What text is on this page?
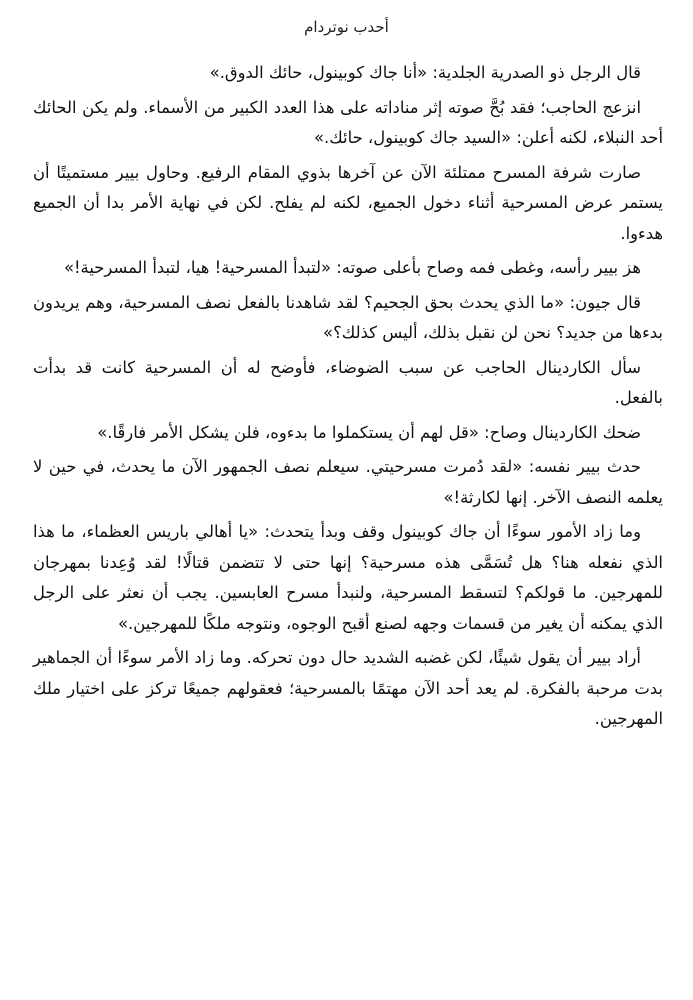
أحدب نوتردام

قال الرجل ذو الصدرية الجلدية: «أنا جاك كوبينول، حائك الدوق.»

انزعج الحاجب؛ فقد بُحَّ صوته إثر مناداته على هذا العدد الكبير من الأسماء. ولم يكن الحائك أحد النبلاء، لكنه أعلن: «السيد جاك كوبينول، حائك.»

صارت شرفة المسرح ممتلئة الآن عن آخرها بذوي المقام الرفيع. وحاول بيير مستميتًا أن يستمر عرض المسرحية أثناء دخول الجميع، لكنه لم يفلح. لكن في نهاية الأمر بدا أن الجميع هدءوا.

هز بيير رأسه، وغطى فمه وصاح بأعلى صوته: «لتبدأ المسرحية! هيا، لتبدأ المسرحية!»

قال جيون: «ما الذي يحدث بحق الجحيم؟ لقد شاهدنا بالفعل نصف المسرحية، وهم يريدون بدءها من جديد؟ نحن لن نقبل بذلك، أليس كذلك؟»

سأل الكاردينال الحاجب عن سبب الضوضاء، فأوضح له أن المسرحية كانت قد بدأت بالفعل.

ضحك الكاردينال وصاح: «قل لهم أن يستكملوا ما بدءوه، فلن يشكل الأمر فارقًا.»

حدث بيير نفسه: «لقد دُمرت مسرحيتي. سيعلم نصف الجمهور الآن ما يحدث، في حين لا يعلمه النصف الآخر. إنها لكارثة!»

وما زاد الأمور سوءًا أن جاك كوبينول وقف وبدأ يتحدث: «يا أهالي باريس العظماء، ما هذا الذي نفعله هنا؟ هل تُسَمَّى هذه مسرحية؟ إنها حتى لا تتضمن قتالًا! لقد وُعِدنا بمهرجان للمهرجين. ما قولكم؟ لتسقط المسرحية، ولنبدأ مسرح العابسين. يجب أن نعثر على الرجل الذي يمكنه أن يغير من قسمات وجهه لصنع أقبح الوجوه، ونتوجه ملكًا للمهرجين.»

أراد بيير أن يقول شيئًا، لكن غضبه الشديد حال دون تحركه. وما زاد الأمر سوءًا أن الجماهير بدت مرحبة بالفكرة. لم يعد أحد الآن مهتمًا بالمسرحية؛ فعقولهم جميعًا تركز على اختيار ملك المهرجين.
